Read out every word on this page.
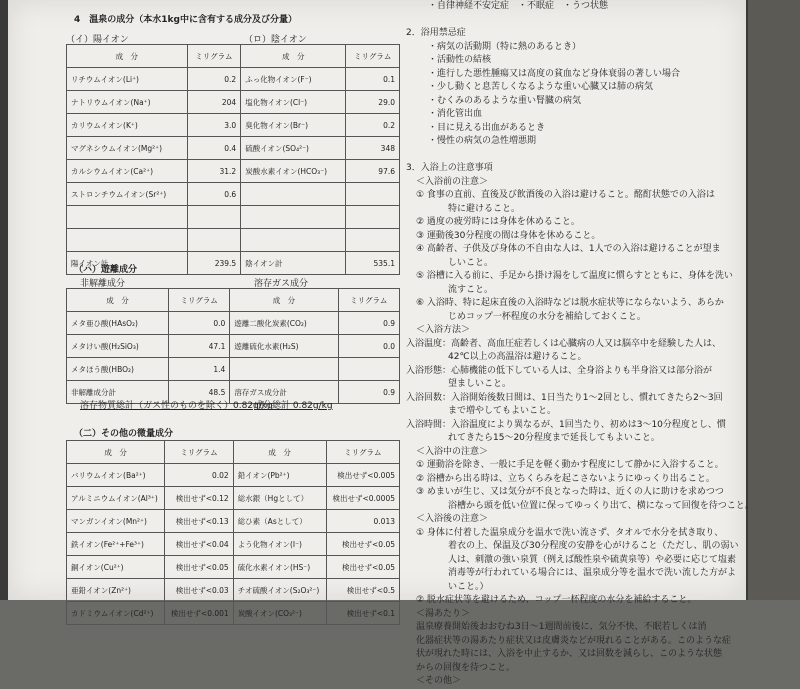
4　温泉の成分（本水1kg中に含有する成分及び分量）
（イ）陽イオン	（ロ）陰イオン
成　分	ミリグラム	成　分	ミリグラム
リチウムイオン(Li⁺)	0.2	ふっ化物イオン(F⁻)	0.1
ナトリウムイオン(Na⁺)	204	塩化物イオン(Cl⁻)	29.0
カリウムイオン(K⁺)	3.0	臭化物イオン(Br⁻)	0.2
マグネシウムイオン(Mg²⁺)	0.4	硫酸イオン(SO₄²⁻)	348
カルシウムイオン(Ca²⁺)	31.2	炭酸水素イオン(HCO₃⁻)	97.6
ストロンチウムイオン(Sr²⁺)	0.6		

陽イオン計	239.5	陰イオン計	535.1
（ハ）遊離成分
非解離成分	溶存ガス成分
成　分	ミリグラム	成　分	ミリグラム
メタ亜ひ酸(HAsO₂)	0.0	遊離二酸化炭素(CO₂)	0.9
メタけい酸(H₂SiO₃)	47.1	遊離硫化水素(H₂S)	0.0
メタほう酸(HBO₂)	1.4		
非解離成分計	48.5	溶存ガス成分計	0.9
溶存物質総計（ガス性のものを除く）0.82g/kg
成分総計 0.82g/kg
（二）その他の微量成分
成　分	ミリグラム	成　分	ミリグラム
バリウムイオン(Ba²⁺)	0.02	鉛イオン(Pb²⁺)	検出せず<0.005
アルミニウムイオン(Al³⁺)	検出せず<0.12	総水銀（Hgとして）	検出せず<0.0005
マンガンイオン(Mn²⁺)	検出せず<0.13	総ひ素（Asとして）	0.013
鉄イオン(Fe²⁺+Fe³⁺)	検出せず<0.04	よう化物イオン(I⁻)	検出せず<0.05
銅イオン(Cu²⁺)	検出せず<0.05	硫化水素イオン(HS⁻)	検出せず<0.05
亜鉛イオン(Zn²⁺)	検出せず<0.03	チオ硫酸イオン(S₂O₃²⁻)	検出せず<0.5
カドミウムイオン(Cd²⁺)	検出せず<0.001	炭酸イオン(CO₃²⁻)	検出せず<0.1
・自律神経不安定症　・不眠症　・うつ状態
2．浴用禁忌症
・病気の活動期（特に熱のあるとき）
・活動性の結核
・進行した悪性腫瘍又は高度の貧血など身体衰弱の著しい場合
・少し動くと息苦しくなるような重い心臓又は肺の病気
・むくみのあるような重い腎臓の病気
・消化管出血
・目に見える出血があるとき
・慢性の病気の急性増悪期
3．入浴上の注意事項
＜入浴前の注意＞
① 食事の直前、直後及び飲酒後の入浴は避けること。酩酊状態での入浴は
特に避けること。
② 過度の疲労時には身体を休めること。
③ 運動後30分程度の間は身体を休めること。
④ 高齢者、子供及び身体の不自由な人は、1人での入浴は避けることが望ま
しいこと。
⑤ 浴槽に入る前に、手足から掛け湯をして温度に慣らすとともに、身体を洗い
流すこと。
⑥ 入浴時、特に起床直後の入浴時などは脱水症状等にならないよう、あらか
じめコップ一杯程度の水分を補給しておくこと。
＜入浴方法＞
入浴温度：高齢者、高血圧症若しくは心臓病の人又は脳卒中を経験した人は、
42℃以上の高温浴は避けること。
入浴形態：心肺機能の低下している人は、全身浴よりも半身浴又は部分浴が
望ましいこと。
入浴回数：入浴開始後数日間は、1日当たり1〜2回とし、慣れてきたら2〜3回
まで増やしてもよいこと。
入浴時間：入浴温度により異なるが、1回当たり、初めは3〜10分程度とし、慣
れてきたら15〜20分程度まで延長してもよいこと。
＜入浴中の注意＞
① 運動浴を除き、一般に手足を軽く動かす程度にして静かに入浴すること。
② 浴槽から出る時は、立ちくらみを起こさないようにゆっくり出ること。
③ めまいが生じ、又は気分が不良となった時は、近くの人に助けを求めつつ
浴槽から頭を低い位置に保ってゆっくり出て、横になって回復を待つこと。
＜入浴後の注意＞
① 身体に付着した温泉成分を温水で洗い流さず、タオルで水分を拭き取り、
着衣の上、保温及び30分程度の安静を心がけること（ただし、肌の弱い
人は、刺激の強い泉質（例えば酸性泉や硫黄泉等）や必要に応じて塩素
消毒等が行われている場合には、温泉成分等を温水で洗い流した方がよ
いこと。）
② 脱水症状等を避けるため、コップ一杯程度の水分を補給すること。
＜湯あたり＞
温泉療養開始後おおむね3日〜1週間前後に、気分不快、不眠若しくは消
化器症状等の湯あたり症状又は皮膚炎などが現れることがある。このような症
状が現れた時には、入浴を中止するか、又は回数を減らし、このような状態
からの回復を待つこと。
＜その他＞
